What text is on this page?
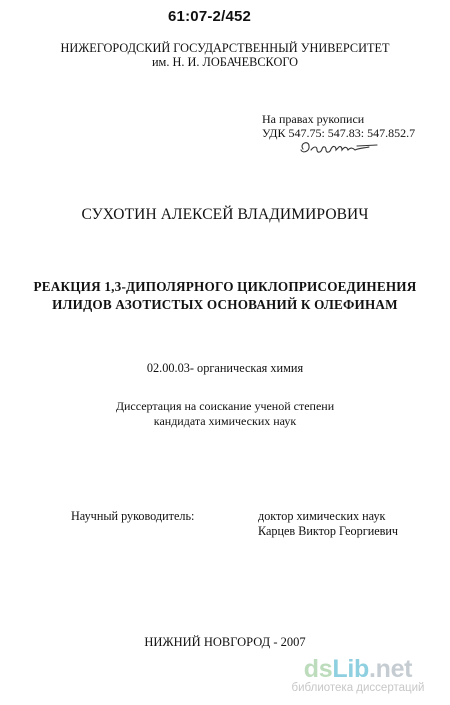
61:07-2/452
НИЖЕГОРОДСКИЙ ГОСУДАРСТВЕННЫЙ УНИВЕРСИТЕТ
им. Н. И. ЛОБАЧЕВСКОГО
На правах рукописи
УДК 547.75: 547.83: 547.852.7
СУХОТИН АЛЕКСЕЙ ВЛАДИМИРОВИЧ
РЕАКЦИЯ 1,3-ДИПОЛЯРНОГО ЦИКЛОПРИСОЕДИНЕНИЯ
ИЛИДОВ АЗОТИСТЫХ ОСНОВАНИЙ К ОЛЕФИНАМ
02.00.03- органическая химия
Диссертация на соискание ученой степени
кандидата химических наук
Научный руководитель:	доктор химических наук
Карцев Виктор Георгиевич
НИЖНИЙ НОВГОРОД - 2007
dsLib.net
библиотека диссертаций
